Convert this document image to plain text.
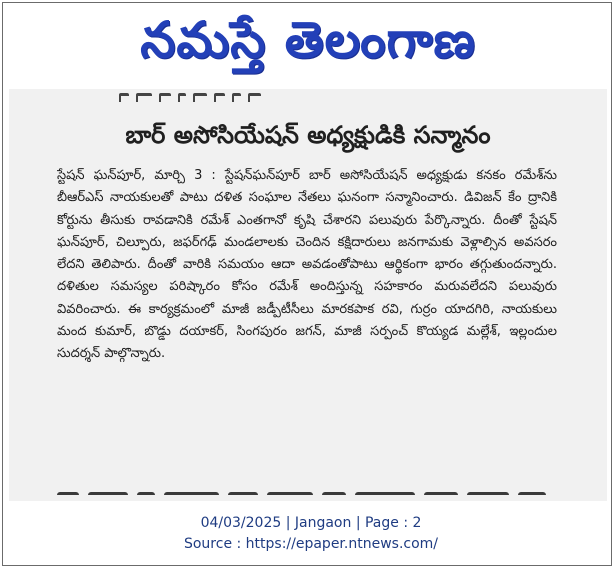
నమస్తే తెలంగాణ
బార్ అసోసియేషన్ అధ్యక్షుడికి సన్మానం

స్టేషన్ ఘన్‌పూర్, మార్చి 3 : స్టేషన్‌ఘన్‌పూర్ బార్ అసోసియేషన్ అధ్యక్షుడు కనకం రమేశ్‌ను బీఆర్‌ఎస్ నాయకులతో పాటు దళిత సంఘాల నేతలు ఘనంగా సన్మానించారు. డివిజన్ కేం ద్రానికి కోర్టును తీసుకు రావడానికి రమేశ్ ఎంతగానో కృషి చేశారని పలువురు పేర్కొన్నారు. దీంతో స్టేషన్ ఘన్‌పూర్, చిల్పూరు, జఫర్‌గఢ్ మండలాలకు చెందిన కక్షిదారులు జనగామకు వెళ్లాల్సిన అవసరం లేదని తెలిపారు. దీంతో వారికి సమయం ఆదా అవడంతోపాటు ఆర్థికంగా భారం తగ్గుతుందన్నారు. దళితుల సమస్యల పరిష్కారం కోసం రమేశ్ అందిస్తున్న సహకారం మరువలేదని పలువురు వివరించారు. ఈ కార్యక్రమంలో మాజీ జడ్పీటీసీలు మారకపాక రవి, గుర్రం యాదగిరి, నాయకులు మంద కుమార్, బొడ్డు దయాకర్, సింగపురం జగన్, మాజీ సర్పంచ్ కొయ్యడ మల్లేశ్, ఇల్లందుల సుదర్శన్ పాల్గొన్నారు.

04/03/2025 | Jangaon | Page : 2
Source : https://epaper.ntnews.com/
